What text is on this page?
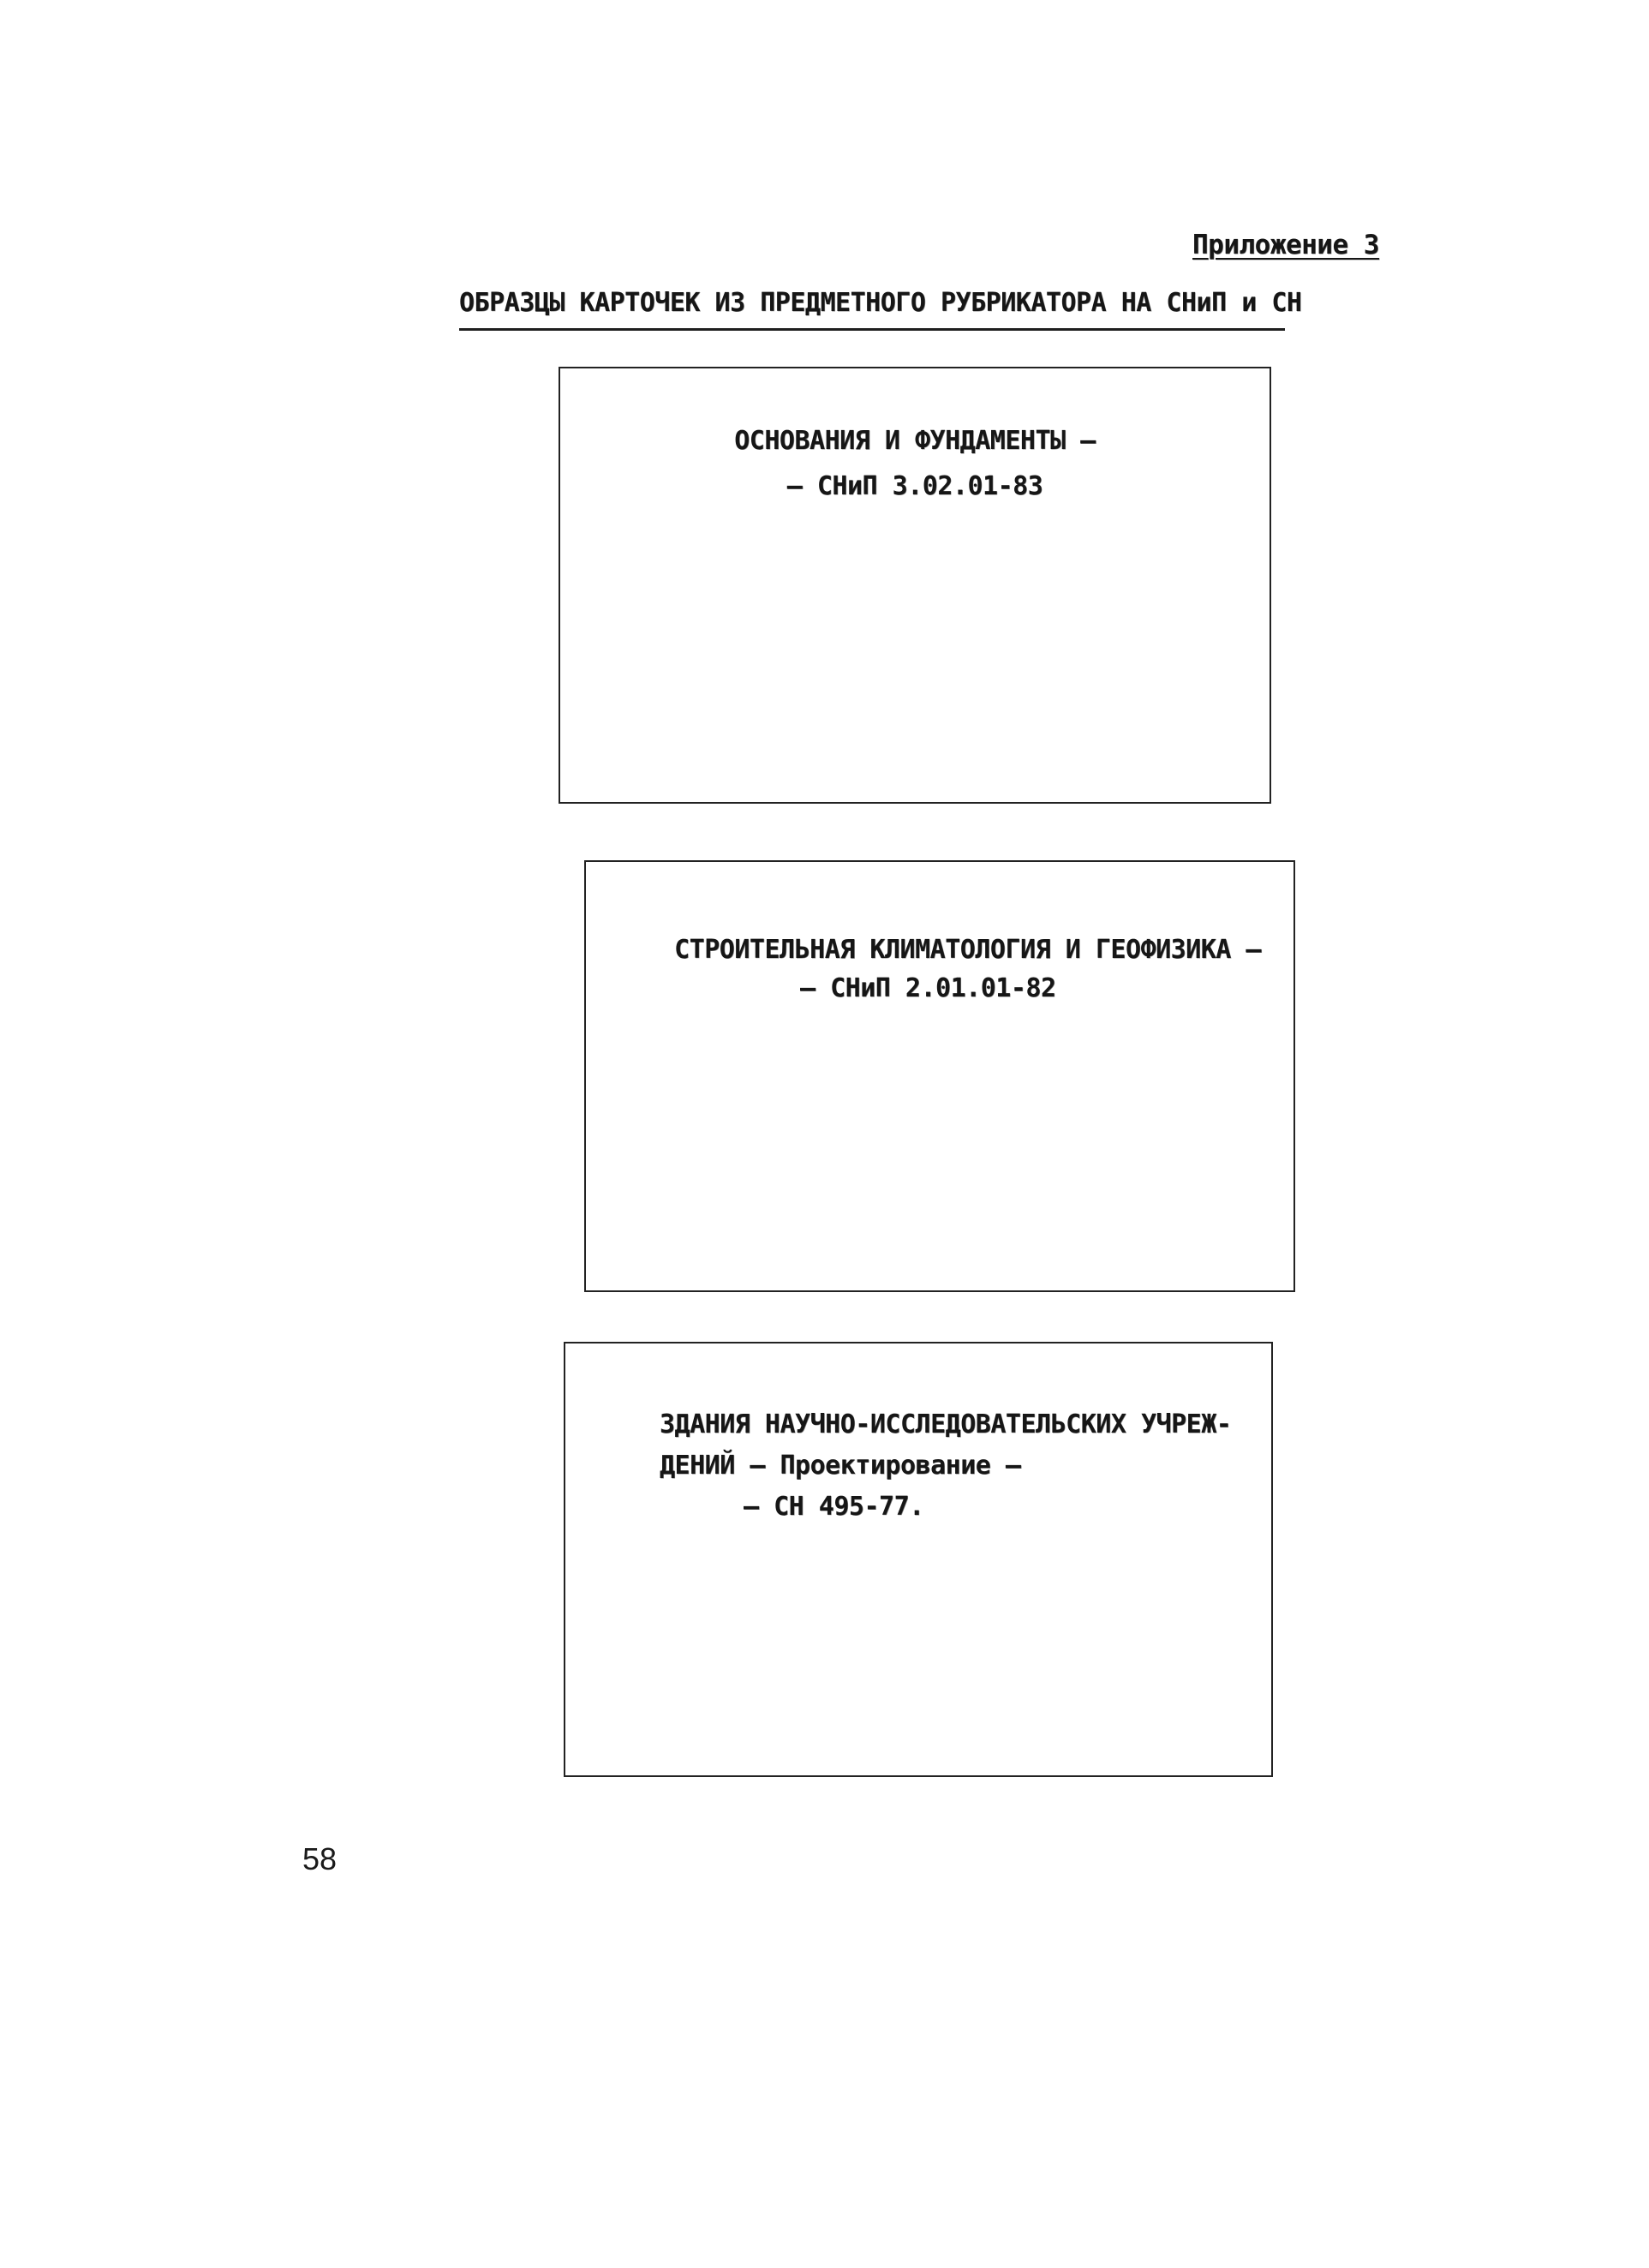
Приложение 3
ОБРАЗЦЫ КАРТОЧЕК ИЗ ПРЕДМЕТНОГО РУБРИКАТОРА НА СНиП и СН
ОСНОВАНИЯ И ФУНДАМЕНТЫ –
– СНиП 3.02.01-83
СТРОИТЕЛЬНАЯ КЛИМАТОЛОГИЯ И ГЕОФИЗИКА –
– СНиП 2.01.01-82
ЗДАНИЯ НАУЧНО-ИССЛЕДОВАТЕЛЬСКИХ УЧРЕЖ-
ДЕНИЙ – Проектирование –
– СН 495-77.
58
